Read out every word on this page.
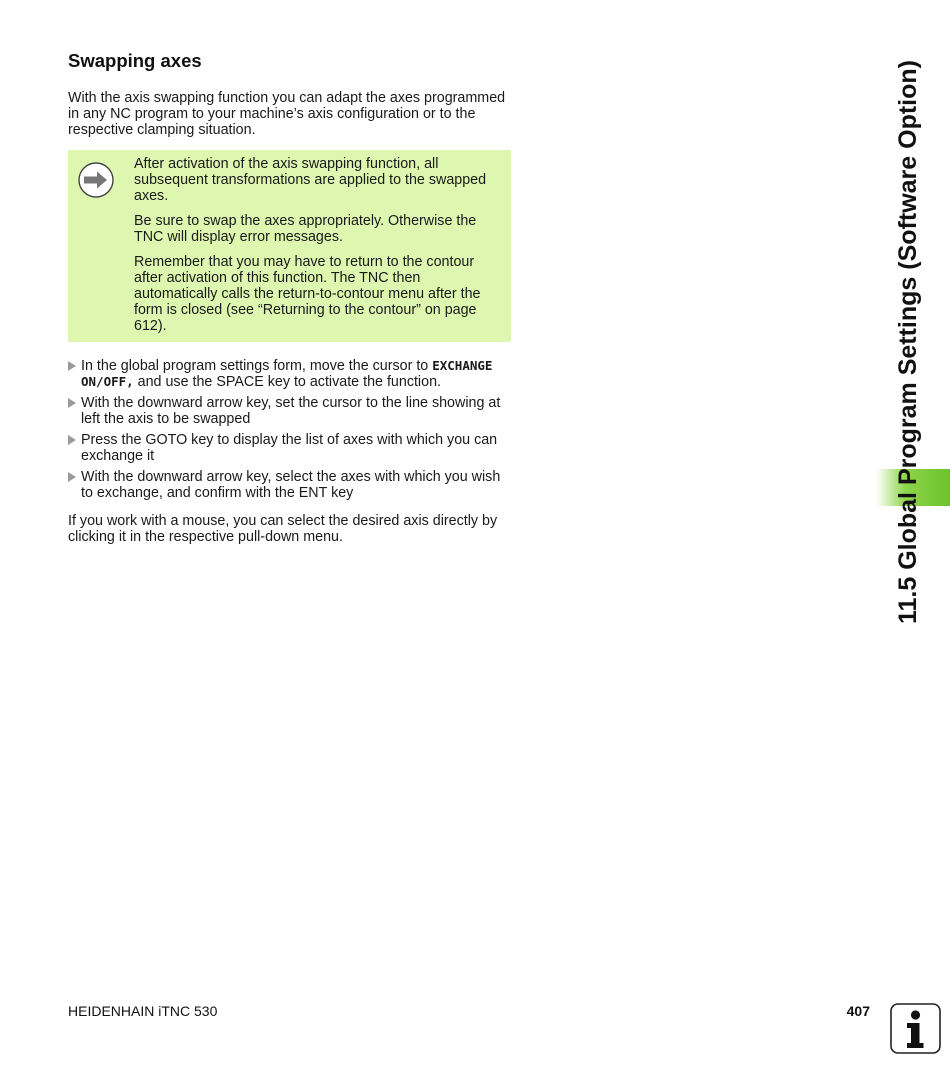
Swapping axes

With the axis swapping function you can adapt the axes programmed in any NC program to your machine’s axis configuration or to the respective clamping situation.

After activation of the axis swapping function, all subsequent transformations are applied to the swapped axes.

Be sure to swap the axes appropriately. Otherwise the TNC will display error messages.

Remember that you may have to return to the contour after activation of this function. The TNC then automatically calls the return-to-contour menu after the form is closed (see “Returning to the contour” on page 612).

In the global program settings form, move the cursor to EXCHANGE ON/OFF, and use the SPACE key to activate the function.
With the downward arrow key, set the cursor to the line showing at left the axis to be swapped
Press the GOTO key to display the list of axes with which you can exchange it
With the downward arrow key, select the axes with which you wish to exchange, and confirm with the ENT key

If you work with a mouse, you can select the desired axis directly by clicking it in the respective pull-down menu.	11.5 Global Program Settings (Software Option)
HEIDENHAIN iTNC 530	407
